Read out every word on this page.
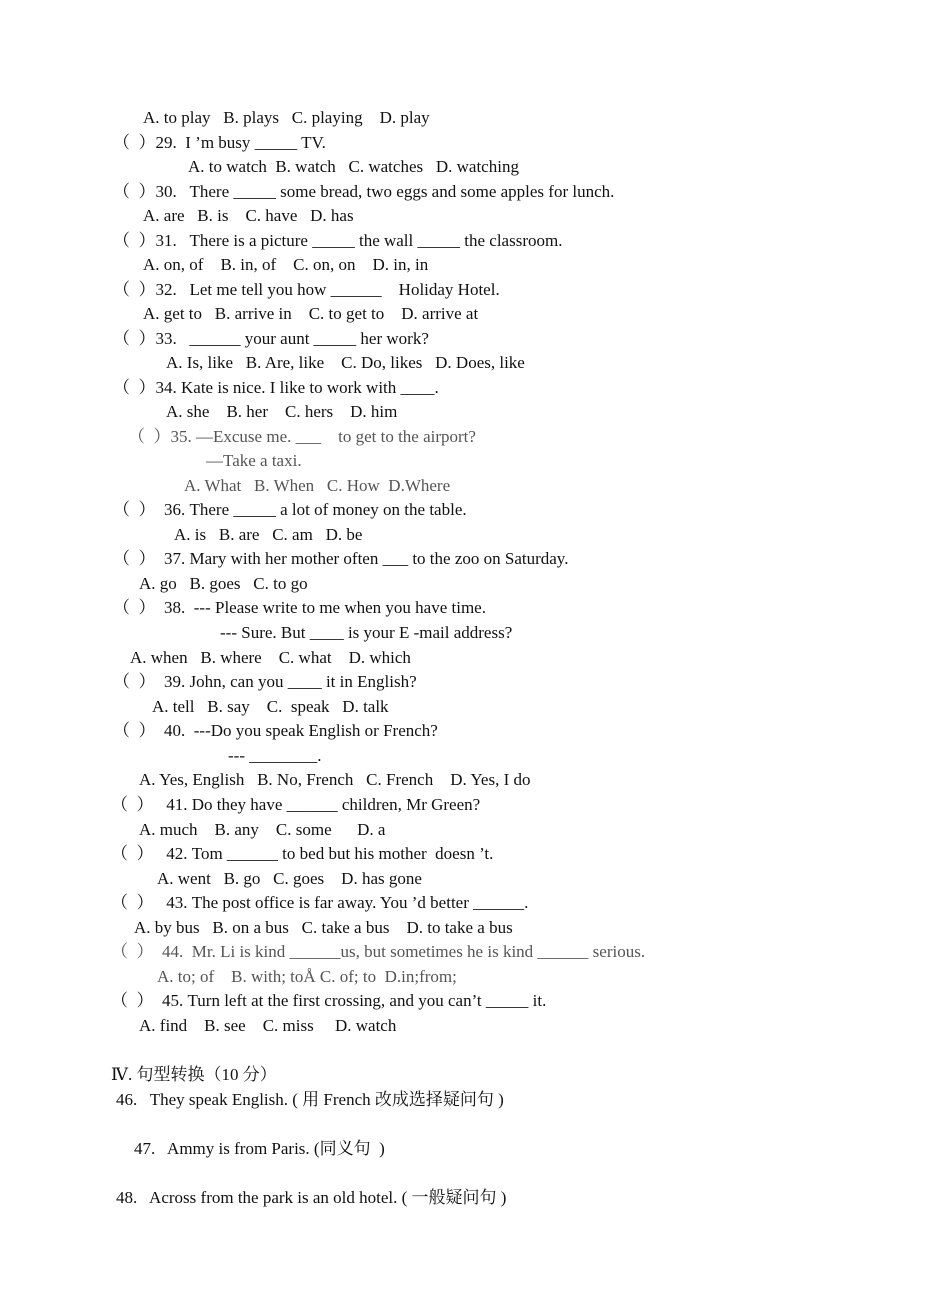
A. to play   B. plays   C. playing    D. play
（  ）29.  I ’m busy _____ TV.
A. to watch  B. watch   C. watches   D. watching
（  ）30.   There _____ some bread, two eggs and some apples for lunch.
A. are   B. is    C. have   D. has
（  ）31.   There is a picture _____ the wall _____ the classroom.
A. on, of    B. in, of    C. on, on    D. in, in
（  ）32.   Let me tell you how ______    Holiday Hotel.
A. get to   B. arrive in    C. to get to    D. arrive at
（  ）33.   ______ your aunt _____ her work?
A. Is, like   B. Are, like    C. Do, likes   D. Does, like
（  ）34. Kate is nice. I like to work with ____.
A. she    B. her    C. hers    D. him
（  ）35. —Excuse me. ___    to get to the airport?
—Take a taxi.
A. What   B. When   C. How  D.Where
（  ）  36. There _____ a lot of money on the table.
A. is   B. are   C. am   D. be
（  ）  37. Mary with her mother often ___ to the zoo on Saturday.
A. go   B. goes   C. to go
（  ）  38.  --- Please write to me when you have time.
--- Sure. But ____ is your E -mail address?
A. when   B. where    C. what    D. which
（  ）  39. John, can you ____ it in English?
A. tell   B. say    C.  speak   D. talk
（  ）  40.  ---Do you speak English or French?
--- ________.
A. Yes, English   B. No, French   C. French    D. Yes, I do
（  ）   41. Do they have ______ children, Mr Green?
A. much    B. any    C. some      D. a
（  ）   42. Tom ______ to bed but his mother  doesn ’t.
A. went   B. go   C. goes    D. has gone
（  ）   43. The post office is far away. You ’d better ______.
A. by bus   B. on a bus   C. take a bus    D. to take a bus
（  ）  44.  Mr. Li is kind ______us, but sometimes he is kind ______ serious.
A. to; of    B. with; toÅ C. of; to  D.in;from;
（  ）  45. Turn left at the first crossing, and you can’t _____ it.
A. find    B. see    C. miss     D. watch
Ⅳ. 句型转换（10 分）
46.   They speak English. ( 用 French 改成选择疑问句 )
47.   Ammy is from Paris. (同义句  )
48.   Across from the park is an old hotel. ( 一般疑问句 )
